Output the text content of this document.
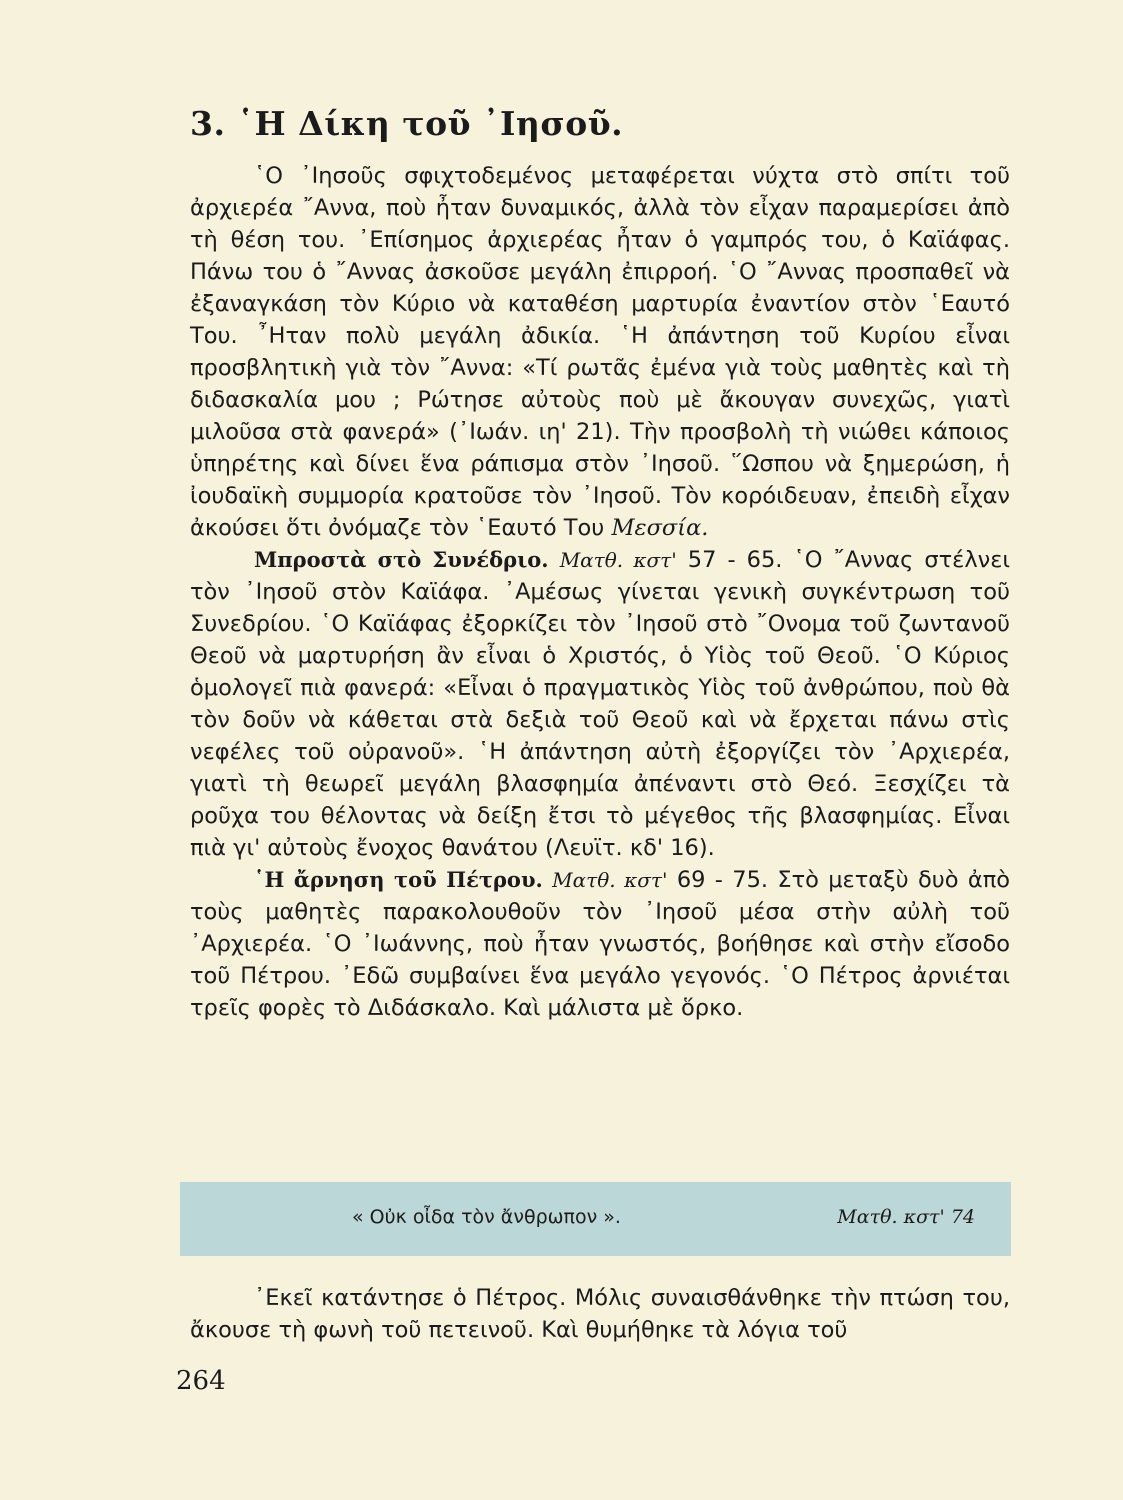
3. ῾Η Δίκη τοῦ ᾽Ιησοῦ.

῾Ο ᾽Ιησοῦς σφιχτοδεμένος μεταφέρεται νύχτα στὸ σπίτι τοῦ ἀρχιερέα ῎Αννα, ποὺ ἦταν δυναμικός, ἀλλὰ τὸν εἶχαν παραμερίσει ἀπὸ τὴ θέση του. ᾽Επίσημος ἀρχιερέας ἦταν ὁ γαμπρός του, ὁ Καϊάφας. Πάνω του ὁ ῎Αννας ἀσκοῦσε μεγάλη ἐπιρροή. ῾Ο ῎Αννας προσπαθεῖ νὰ ἐξαναγκάση τὸν Κύριο νὰ καταθέση μαρτυρία ἐναντίον στὸν ῾Εαυτό Του. ῏Ηταν πολὺ μεγάλη ἀδικία. ῾Η ἀπάντηση τοῦ Κυρίου εἶναι προσβλητικὴ γιὰ τὸν ῎Αννα: «Τί ρωτᾶς ἐμένα γιὰ τοὺς μαθητὲς καὶ τὴ διδασκαλία μου ; Ρώτησε αὐτοὺς ποὺ μὲ ἄκουγαν συνεχῶς, γιατὶ μιλοῦσα στὰ φανερά» (᾽Ιωάν. ιη' 21). Τὴν προσβολὴ τὴ νιώθει κάποιος ὑπηρέτης καὶ δίνει ἕνα ράπισμα στὸν ᾽Ιησοῦ. ῞Ωσπου νὰ ξημερώση, ἡ ἰουδαϊκὴ συμμορία κρατοῦσε τὸν ᾽Ιησοῦ. Τὸν κορόιδευαν, ἐπειδὴ εἶχαν ἀκούσει ὅτι ὀνόμαζε τὸν ῾Εαυτό Του Μεσσία.

Μπροστὰ στὸ Συνέδριο. Ματθ. κστ' 57 - 65. ῾Ο ῎Αννας στέλνει τὸν ᾽Ιησοῦ στὸν Καϊάφα. ᾽Αμέσως γίνεται γενικὴ συγκέντρωση τοῦ Συνεδρίου. ῾Ο Καϊάφας ἐξορκίζει τὸν ᾽Ιησοῦ στὸ ῎Ονομα τοῦ ζωντανοῦ Θεοῦ νὰ μαρτυρήση ἂν εἶναι ὁ Χριστός, ὁ Υἱὸς τοῦ Θεοῦ. ῾Ο Κύριος ὁμολογεῖ πιὰ φανερά: «Εἶναι ὁ πραγματικὸς Υἱὸς τοῦ ἀνθρώπου, ποὺ θὰ τὸν δοῦν νὰ κάθεται στὰ δεξιὰ τοῦ Θεοῦ καὶ νὰ ἔρχεται πάνω στὶς νεφέλες τοῦ οὐρανοῦ». ῾Η ἀπάντηση αὐτὴ ἐξοργίζει τὸν ᾽Αρχιερέα, γιατὶ τὴ θεωρεῖ μεγάλη βλασφημία ἀπέναντι στὸ Θεό. Ξεσχίζει τὰ ροῦχα του θέλοντας νὰ δείξη ἔτσι τὸ μέγεθος τῆς βλασφημίας. Εἶναι πιὰ γι' αὐτοὺς ἔνοχος θανάτου (Λευϊτ. κδ' 16).

῾Η ἄρνηση τοῦ Πέτρου. Ματθ. κστ' 69 - 75. Στὸ μεταξὺ δυὸ ἀπὸ τοὺς μαθητὲς παρακολουθοῦν τὸν ᾽Ιησοῦ μέσα στὴν αὐλὴ τοῦ ᾽Αρχιερέα. ῾Ο ᾽Ιωάννης, ποὺ ἦταν γνωστός, βοήθησε καὶ στὴν εἴσοδο τοῦ Πέτρου. ᾽Εδῶ συμβαίνει ἕνα μεγάλο γεγονός. ῾Ο Πέτρος ἀρνιέται τρεῖς φορὲς τὸ Διδάσκαλο. Καὶ μάλιστα μὲ ὅρκο.

« Οὐκ οἶδα τὸν ἄνθρωπον ».	Ματθ. κστ' 74

᾽Εκεῖ κατάντησε ὁ Πέτρος. Μόλις συναισθάνθηκε τὴν πτώση του, ἄκουσε τὴ φωνὴ τοῦ πετεινοῦ. Καὶ θυμήθηκε τὰ λόγια τοῦ

264
